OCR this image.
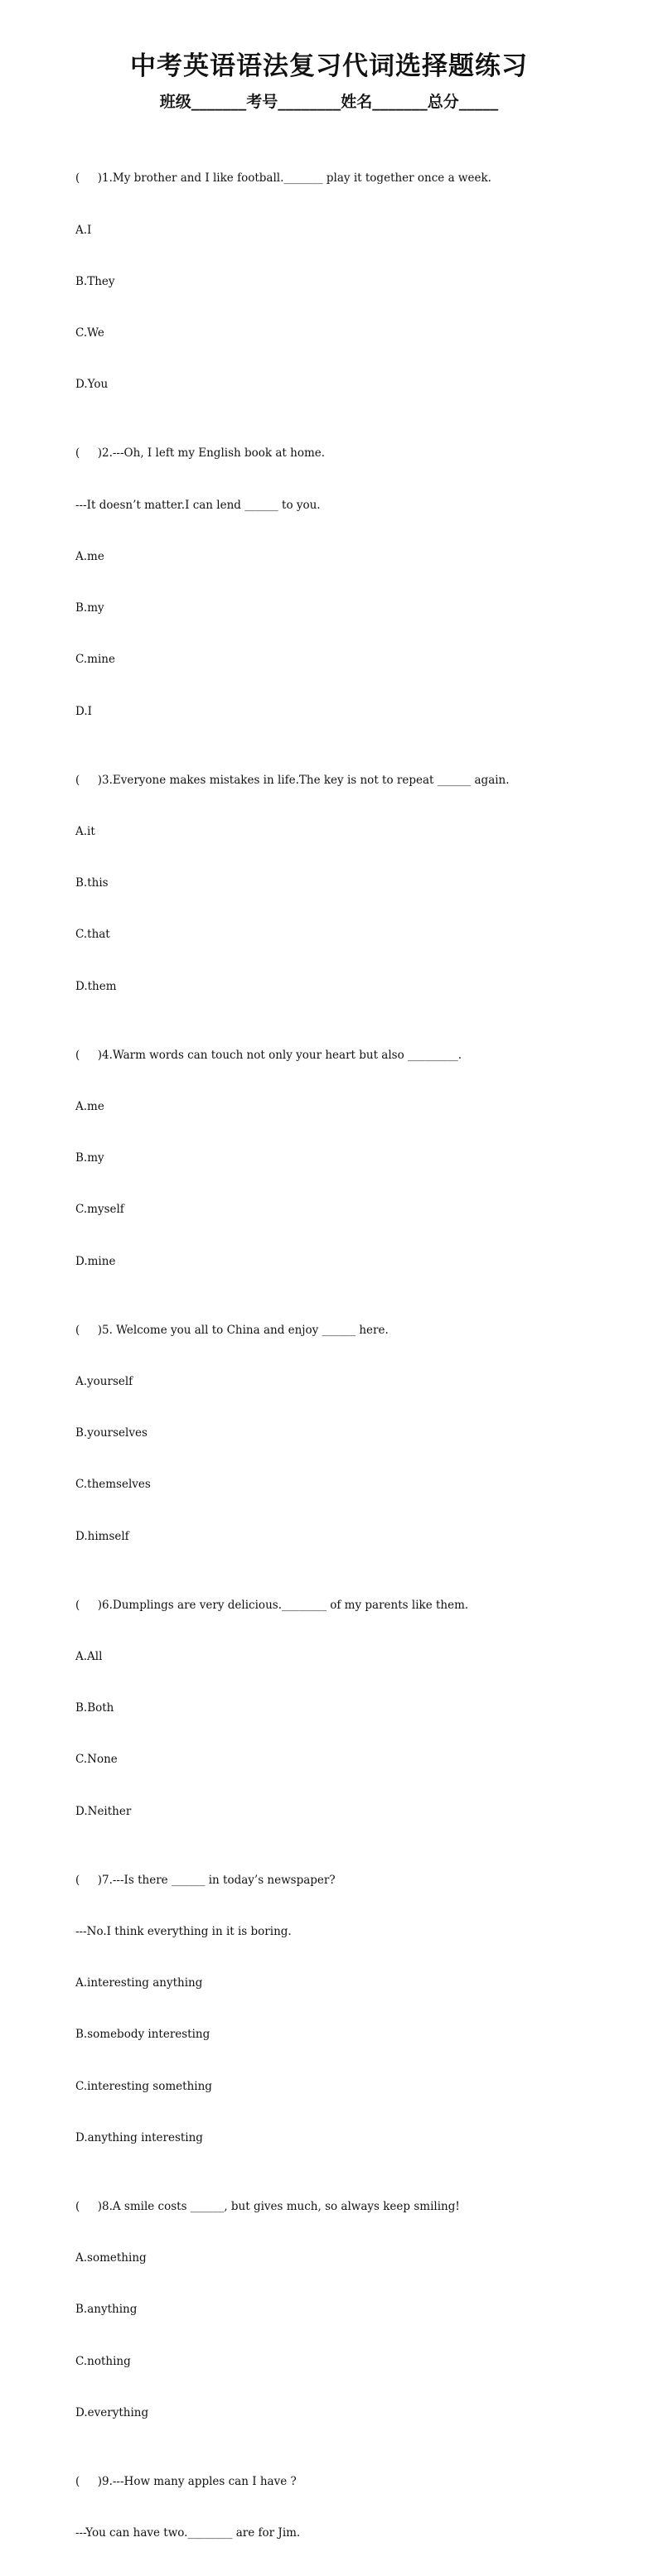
中考英语语法复习代词选择题练习
班级_______考号________姓名_______总分_____

(     )1.My brother and I like football._______ play it together once a week.

A.I

B.They

C.We

D.You

(     )2.---Oh, I left my English book at home.

---It doesn’t matter.I can lend ______ to you.

A.me

B.my

C.mine

D.I

(     )3.Everyone makes mistakes in life.The key is not to repeat ______ again.

A.it

B.this

C.that

D.them

(     )4.Warm words can touch not only your heart but also _________.

A.me

B.my

C.myself

D.mine

(     )5. Welcome you all to China and enjoy ______ here.

A.yourself

B.yourselves

C.themselves

D.himself

(     )6.Dumplings are very delicious.________ of my parents like them.

A.All

B.Both

C.None

D.Neither

(     )7.---Is there ______ in today’s newspaper?

---No.I think everything in it is boring.

A.interesting anything

B.somebody interesting

C.interesting something

D.anything interesting

(     )8.A smile costs ______, but gives much, so always keep smiling!

A.something

B.anything

C.nothing

D.everything

(     )9.---How many apples can I have ?

---You can have two.________ are for Jim.
